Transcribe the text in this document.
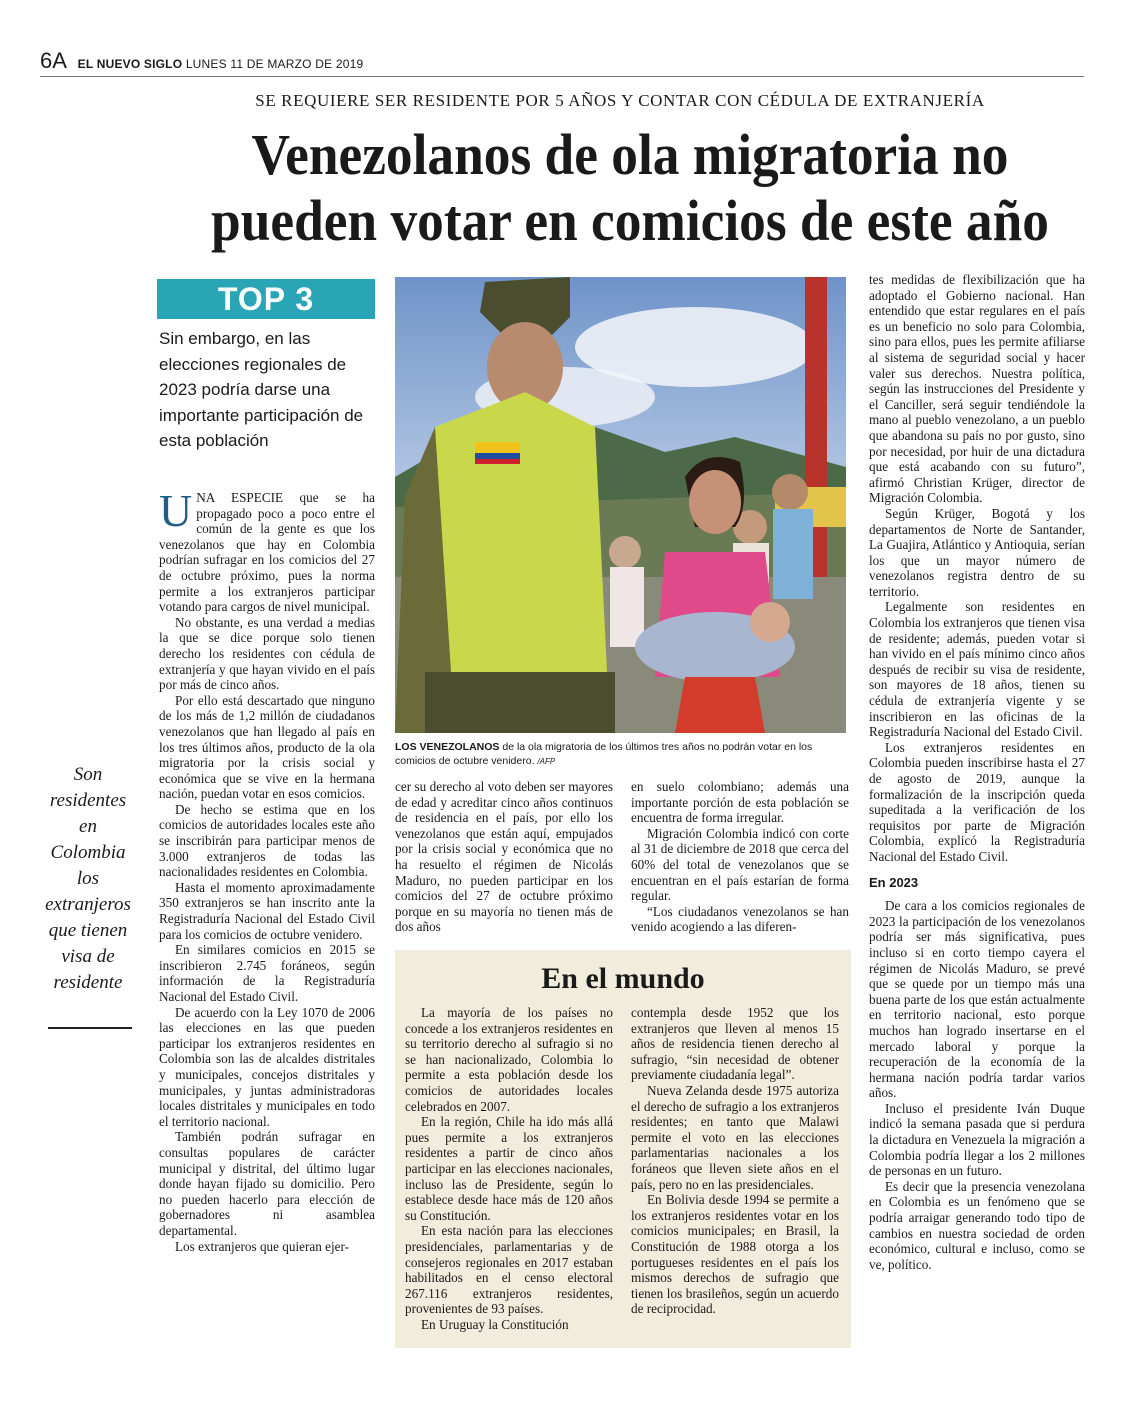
6A EL NUEVO SIGLO LUNES 11 DE MARZO DE 2019
SE REQUIERE SER RESIDENTE POR 5 AÑOS Y CONTAR CON CÉDULA DE EXTRANJERÍA
Venezolanos de ola migratoria no
pueden votar en comicios de este año
TOP 3
Sin embargo, en las elecciones regionales de 2023 podría darse una importante participación de esta población

UNA ESPECIE que se ha propagado poco a poco entre el común de la gente es que los venezolanos que hay en Colombia podrían sufragar en los comicios del 27 de octubre próximo, pues la norma permite a los extranjeros participar votando para cargos de nivel municipal.

No obstante, es una verdad a medias la que se dice porque solo tienen derecho los residentes con cédula de extranjería y que hayan vivido en el país por más de cinco años.

Por ello está descartado que ninguno de los más de 1,2 millón de ciudadanos venezolanos que han llegado al país en los tres últimos años, producto de la ola migratoria por la crisis social y económica que se vive en la hermana nación, puedan votar en esos comicios.

De hecho se estima que en los comicios de autoridades locales este año se inscribirán para participar menos de 3.000 extranjeros de todas las nacionalidades residentes en Colombia.

Hasta el momento aproximadamente 350 extranjeros se han inscrito ante la Registraduría Nacional del Estado Civil para los comicios de octubre venidero.

En similares comicios en 2015 se inscribieron 2.745 foráneos, según información de la Registraduría Nacional del Estado Civil.

De acuerdo con la Ley 1070 de 2006 las elecciones en las que pueden participar los extranjeros residentes en Colombia son las de alcaldes distritales y municipales, concejos distritales y municipales, y juntas administradoras locales distritales y municipales en todo el territorio nacional.

También podrán sufragar en consultas populares de carácter municipal y distrital, del último lugar donde hayan fijado su domicilio. Pero no pueden hacerlo para elección de gobernadores ni asamblea departamental.

Los extranjeros que quieran ejer-

Son residentes en Colombia los extranjeros que tienen visa de residente
LOS VENEZOLANOS de la ola migratoria de los últimos tres años no podrán votar en los comicios de octubre venidero. /AFP

cer su derecho al voto deben ser mayores de edad y acreditar cinco años continuos de residencia en el país, por ello los venezolanos que están aquí, empujados por la crisis social y económica que no ha resuelto el régimen de Nicolás Maduro, no pueden participar en los comicios del 27 de octubre próximo porque en su mayoría no tienen más de dos años

en suelo colombiano; además una importante porción de esta población se encuentra de forma irregular.

Migración Colombia indicó con corte al 31 de diciembre de 2018 que cerca del 60% del total de venezolanos que se encuentran en el país estarían de forma regular.

“Los ciudadanos venezolanos se han venido acogiendo a las diferen-

tes medidas de flexibilización que ha adoptado el Gobierno nacional. Han entendido que estar regulares en el país es un beneficio no solo para Colombia, sino para ellos, pues les permite afiliarse al sistema de seguridad social y hacer valer sus derechos. Nuestra política, según las instrucciones del Presidente y el Canciller, será seguir tendiéndole la mano al pueblo venezolano, a un pueblo que abandona su país no por gusto, sino por necesidad, por huir de una dictadura que está acabando con su futuro”, afirmó Christian Krüger, director de Migración Colombia.

Según Krüger, Bogotá y los departamentos de Norte de Santander, La Guajira, Atlántico y Antioquia, serían los que un mayor número de venezolanos registra dentro de su territorio.

Legalmente son residentes en Colombia los extranjeros que tienen visa de residente; además, pueden votar si han vivido en el país mínimo cinco años después de recibir su visa de residente, son mayores de 18 años, tienen su cédula de extranjería vigente y se inscribieron en las oficinas de la Registraduría Nacional del Estado Civil.

Los extranjeros residentes en Colombia pueden inscribirse hasta el 27 de agosto de 2019, aunque la formalización de la inscripción queda supeditada a la verificación de los requisitos por parte de Migración Colombia, explicó la Registraduría Nacional del Estado Civil.

En 2023

De cara a los comicios regionales de 2023 la participación de los venezolanos podría ser más significativa, pues incluso si en corto tiempo cayera el régimen de Nicolás Maduro, se prevé que se quede por un tiempo más una buena parte de los que están actualmente en territorio nacional, esto porque muchos han logrado insertarse en el mercado laboral y porque la recuperación de la economía de la hermana nación podría tardar varios años.

Incluso el presidente Iván Duque indicó la semana pasada que si perdura la dictadura en Venezuela la migración a Colombia podría llegar a los 2 millones de personas en un futuro.

Es decir que la presencia venezolana en Colombia es un fenómeno que se podría arraigar generando todo tipo de cambios en nuestra sociedad de orden económico, cultural e incluso, como se ve, político.

En el mundo

La mayoría de los países no concede a los extranjeros residentes en su territorio derecho al sufragio si no se han nacionalizado, Colombia lo permite a esta población desde los comicios de autoridades locales celebrados en 2007.

En la región, Chile ha ido más allá pues permite a los extranjeros residentes a partir de cinco años participar en las elecciones nacionales, incluso las de Presidente, según lo establece desde hace más de 120 años su Constitución.

En esta nación para las elecciones presidenciales, parlamentarias y de consejeros regionales en 2017 estaban habilitados en el censo electoral 267.116 extranjeros residentes, provenientes de 93 países.

En Uruguay la Constitución

contempla desde 1952 que los extranjeros que lleven al menos 15 años de residencia tienen derecho al sufragio, “sin necesidad de obtener previamente ciudadanía legal”.

Nueva Zelanda desde 1975 autoriza el derecho de sufragio a los extranjeros residentes; en tanto que Malawi permite el voto en las elecciones parlamentarias nacionales a los foráneos que lleven siete años en el país, pero no en las presidenciales.

En Bolivia desde 1994 se permite a los extranjeros residentes votar en los comicios municipales; en Brasil, la Constitución de 1988 otorga a los portugueses residentes en el país los mismos derechos de sufragio que tienen los brasileños, según un acuerdo de reciprocidad.
